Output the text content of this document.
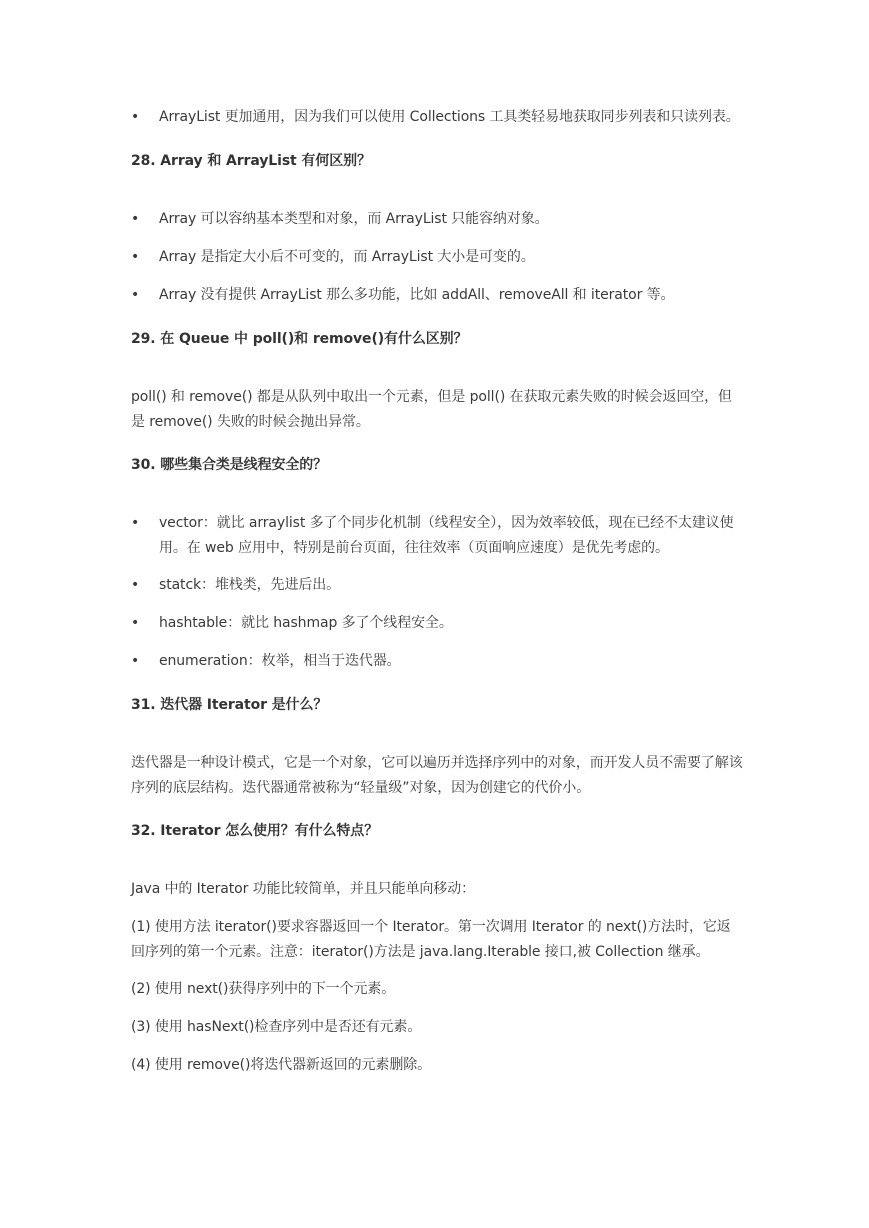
•	ArrayList 更加通用，因为我们可以使用 Collections 工具类轻易地获取同步列表和只读列表。
28. Array 和 ArrayList 有何区别？
•	Array 可以容纳基本类型和对象，而 ArrayList 只能容纳对象。
•	Array 是指定大小后不可变的，而 ArrayList 大小是可变的。
•	Array 没有提供 ArrayList 那么多功能，比如 addAll、removeAll 和 iterator 等。
29. 在 Queue 中 poll()和 remove()有什么区别？

poll() 和 remove() 都是从队列中取出一个元素，但是 poll() 在获取元素失败的时候会返回空，但是 remove() 失败的时候会抛出异常。

30. 哪些集合类是线程安全的？
•	vector：就比 arraylist 多了个同步化机制（线程安全），因为效率较低，现在已经不太建议使用。在 web 应用中，特别是前台页面，往往效率（页面响应速度）是优先考虑的。
•	statck：堆栈类，先进后出。
•	hashtable：就比 hashmap 多了个线程安全。
•	enumeration：枚举，相当于迭代器。
31. 迭代器 Iterator 是什么？

迭代器是一种设计模式，它是一个对象，它可以遍历并选择序列中的对象，而开发人员不需要了解该序列的底层结构。迭代器通常被称为“轻量级”对象，因为创建它的代价小。

32. Iterator 怎么使用？有什么特点？

Java 中的 Iterator 功能比较简单，并且只能单向移动：

(1) 使用方法 iterator()要求容器返回一个 Iterator。第一次调用 Iterator 的 next()方法时，它返回序列的第一个元素。注意：iterator()方法是 java.lang.Iterable 接口,被 Collection 继承。

(2) 使用 next()获得序列中的下一个元素。

(3) 使用 hasNext()检查序列中是否还有元素。

(4) 使用 remove()将迭代器新返回的元素删除。
